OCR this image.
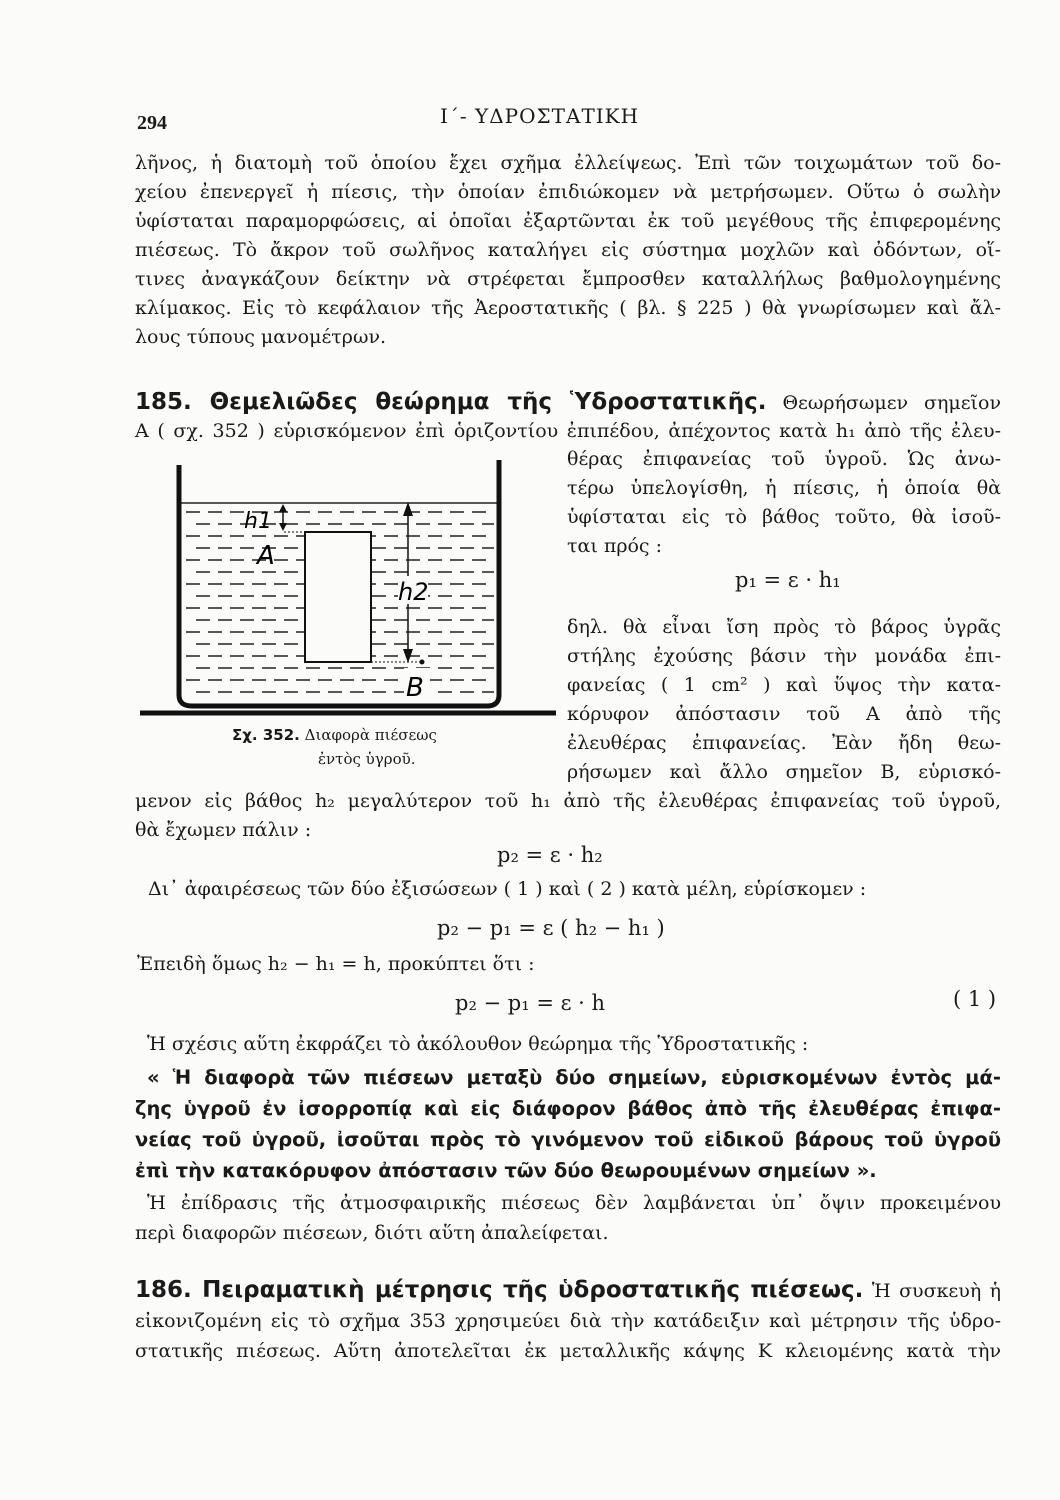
294	Ι΄- ΥΔΡΟΣΤΑΤΙΚΗ
λῆνος, ἡ διατομὴ τοῦ ὁποίου ἔχει σχῆμα ἐλλείψεως. Ἐπὶ τῶν τοιχωμάτων τοῦ δο-
χείου ἐπενεργεῖ ἡ πίεσις, τὴν ὁποίαν ἐπιδιώκομεν νὰ μετρήσωμεν. Οὕτω ὁ σωλὴν
ὑφίσταται παραμορφώσεις, αἱ ὁποῖαι ἐξαρτῶνται ἐκ τοῦ μεγέθους τῆς ἐπιφερομένης
πιέσεως. Τὸ ἄκρον τοῦ σωλῆνος καταλήγει εἰς σύστημα μοχλῶν καὶ ὀδόντων, οἵ-
τινες ἀναγκάζουν δείκτην νὰ στρέφεται ἔμπροσθεν καταλλήλως βαθμολογημένης
κλίμακος. Εἰς τὸ κεφάλαιον τῆς Ἀεροστατικῆς ( βλ. § 225 ) θὰ γνωρίσωμεν καὶ ἄλ-
λους τύπους μανομέτρων.
185. Θεμελιῶδες θεώρημα τῆς Ὑδροστατικῆς. Θεωρήσωμεν σημεῖον
Α ( σχ. 352 ) εὑρισκόμενον ἐπὶ ὁριζοντίου ἐπιπέδου, ἀπέχοντος κατὰ h₁ ἀπὸ τῆς ἐλευ-
θέρας ἐπιφανείας τοῦ ὑγροῦ. Ὡς ἀνω-
τέρω ὑπελογίσθη, ἡ πίεσις, ἡ ὁποία θὰ
ὑφίσταται εἰς τὸ βάθος τοῦτο, θὰ ἰσοῦ-
ται πρός :
p₁ = ε · h₁
δηλ. θὰ εἶναι ἴση πρὸς τὸ βάρος ὑγρᾶς
στήλης ἐχούσης βάσιν τὴν μονάδα ἐπι-
φανείας ( 1 cm² ) καὶ ὕψος τὴν κατα-
κόρυφον ἀπόστασιν τοῦ Α ἀπὸ τῆς
ἐλευθέρας ἐπιφανείας. Ἐὰν ἤδη θεω-
ρήσωμεν καὶ ἄλλο σημεῖον Β, εὑρισκό-
h1
A
h2
B
Σχ. 352. Διαφορὰ πιέσεως
ἐντὸς ὑγροῦ.
μενον εἰς βάθος h₂ μεγαλύτερον τοῦ h₁ ἀπὸ τῆς ἐλευθέρας ἐπιφανείας τοῦ ὑγροῦ,
θὰ ἔχωμεν πάλιν :
p₂ = ε · h₂
Δι᾽ ἀφαιρέσεως τῶν δύο ἐξισώσεων ( 1 ) καὶ ( 2 ) κατὰ μέλη, εὑρίσκομεν :
p₂ − p₁ = ε ( h₂ − h₁ )
Ἐπειδὴ ὅμως h₂ − h₁ = h, προκύπτει ὅτι :
p₂ − p₁ = ε · h	( 1 )
Ἡ σχέσις αὕτη ἐκφράζει τὸ ἀκόλουθον θεώρημα τῆς Ὑδροστατικῆς :
« Ἡ διαφορὰ τῶν πιέσεων μεταξὺ δύο σημείων, εὑρισκομένων ἐντὸς μά-
ζης ὑγροῦ ἐν ἰσορροπίᾳ καὶ εἰς διάφορον βάθος ἀπὸ τῆς ἐλευθέρας ἐπιφα-
νείας τοῦ ὑγροῦ, ἰσοῦται πρὸς τὸ γινόμενον τοῦ εἰδικοῦ βάρους τοῦ ὑγροῦ
ἐπὶ τὴν κατακόρυφον ἀπόστασιν τῶν δύο θεωρουμένων σημείων ».
Ἡ ἐπίδρασις τῆς ἀτμοσφαιρικῆς πιέσεως δὲν λαμβάνεται ὑπ᾽ ὄψιν προκειμένου
περὶ διαφορῶν πιέσεων, διότι αὕτη ἀπαλείφεται.
186. Πειραματικὴ μέτρησις τῆς ὑδροστατικῆς πιέσεως. Ἡ συσκευὴ ἡ
εἰκονιζομένη εἰς τὸ σχῆμα 353 χρησιμεύει διὰ τὴν κατάδειξιν καὶ μέτρησιν τῆς ὑδρο-
στατικῆς πιέσεως. Αὕτη ἀποτελεῖται ἐκ μεταλλικῆς κάψης Κ κλειομένης κατὰ τὴν
